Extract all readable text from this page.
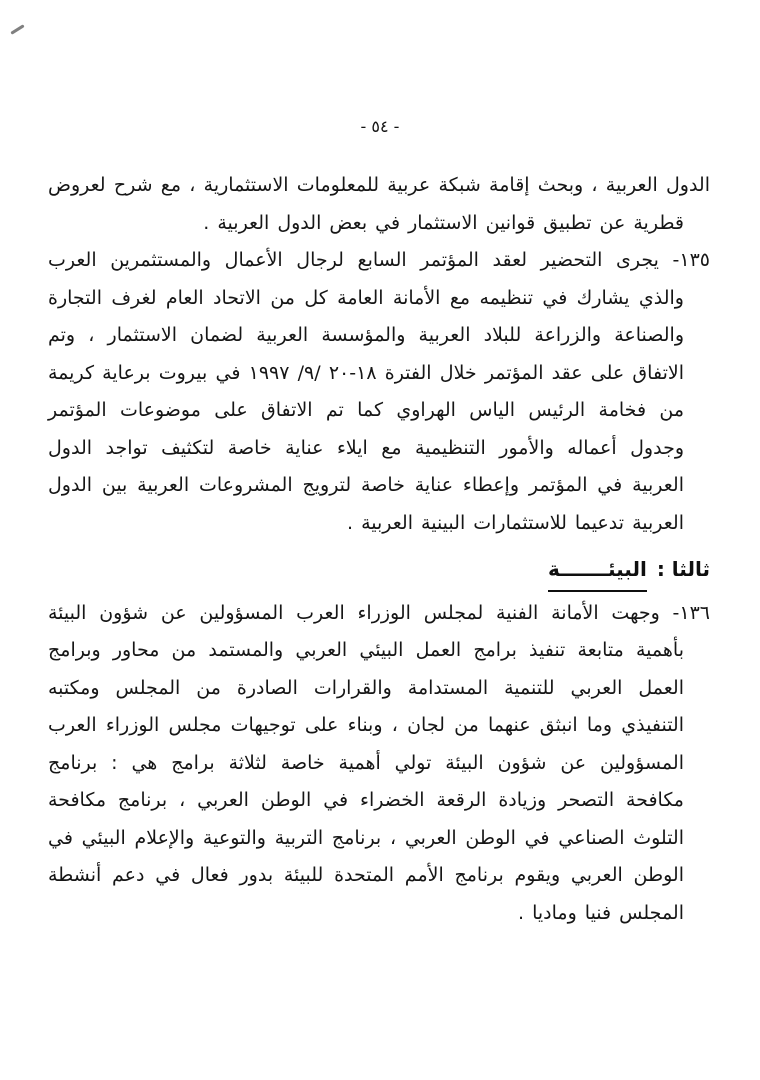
- ٥٤ -

الدول العربية ، وبحث إقامة شبكة عربية للمعلومات الاستثمارية ، مع شرح لعروض قطرية عن تطبيق قوانين الاستثمار في بعض الدول العربية .

١٣٥- يجرى التحضير لعقد المؤتمر السابع لرجال الأعمال والمستثمرين العرب والذي يشارك في تنظيمه مع الأمانة العامة كل من الاتحاد العام لغرف التجارة والصناعة والزراعة للبلاد العربية والمؤسسة العربية لضمان الاستثمار ، وتم الاتفاق على عقد المؤتمر خلال الفترة ١٨-٢٠ /٩/ ١٩٩٧ في بيروت برعاية كريمة من فخامة الرئيس الياس الهراوي كما تم الاتفاق على موضوعات المؤتمر وجدول أعماله والأمور التنظيمية مع ايلاء عناية خاصة لتكثيف تواجد الدول العربية في المؤتمر وإعطاء عناية خاصة لترويج المشروعات العربية بين الدول العربية تدعيما للاستثمارات البينية العربية .

ثالثا :
البيئـــــــة

١٣٦- وجهت الأمانة الفنية لمجلس الوزراء العرب المسؤولين عن شؤون البيئة بأهمية متابعة تنفيذ برامج العمل البيئي العربي والمستمد من محاور وبرامج العمل العربي للتنمية المستدامة والقرارات الصادرة من المجلس ومكتبه التنفيذي وما انبثق عنهما من لجان ، وبناء على توجيهات مجلس الوزراء العرب المسؤولين عن شؤون البيئة تولي أهمية خاصة لثلاثة برامج هي : برنامج مكافحة التصحر وزيادة الرقعة الخضراء في الوطن العربي ، برنامج مكافحة التلوث الصناعي في الوطن العربي ، برنامج التربية والتوعية والإعلام البيئي في الوطن العربي ويقوم برنامج الأمم المتحدة للبيئة بدور فعال في دعم أنشطة المجلس فنيا وماديا .
